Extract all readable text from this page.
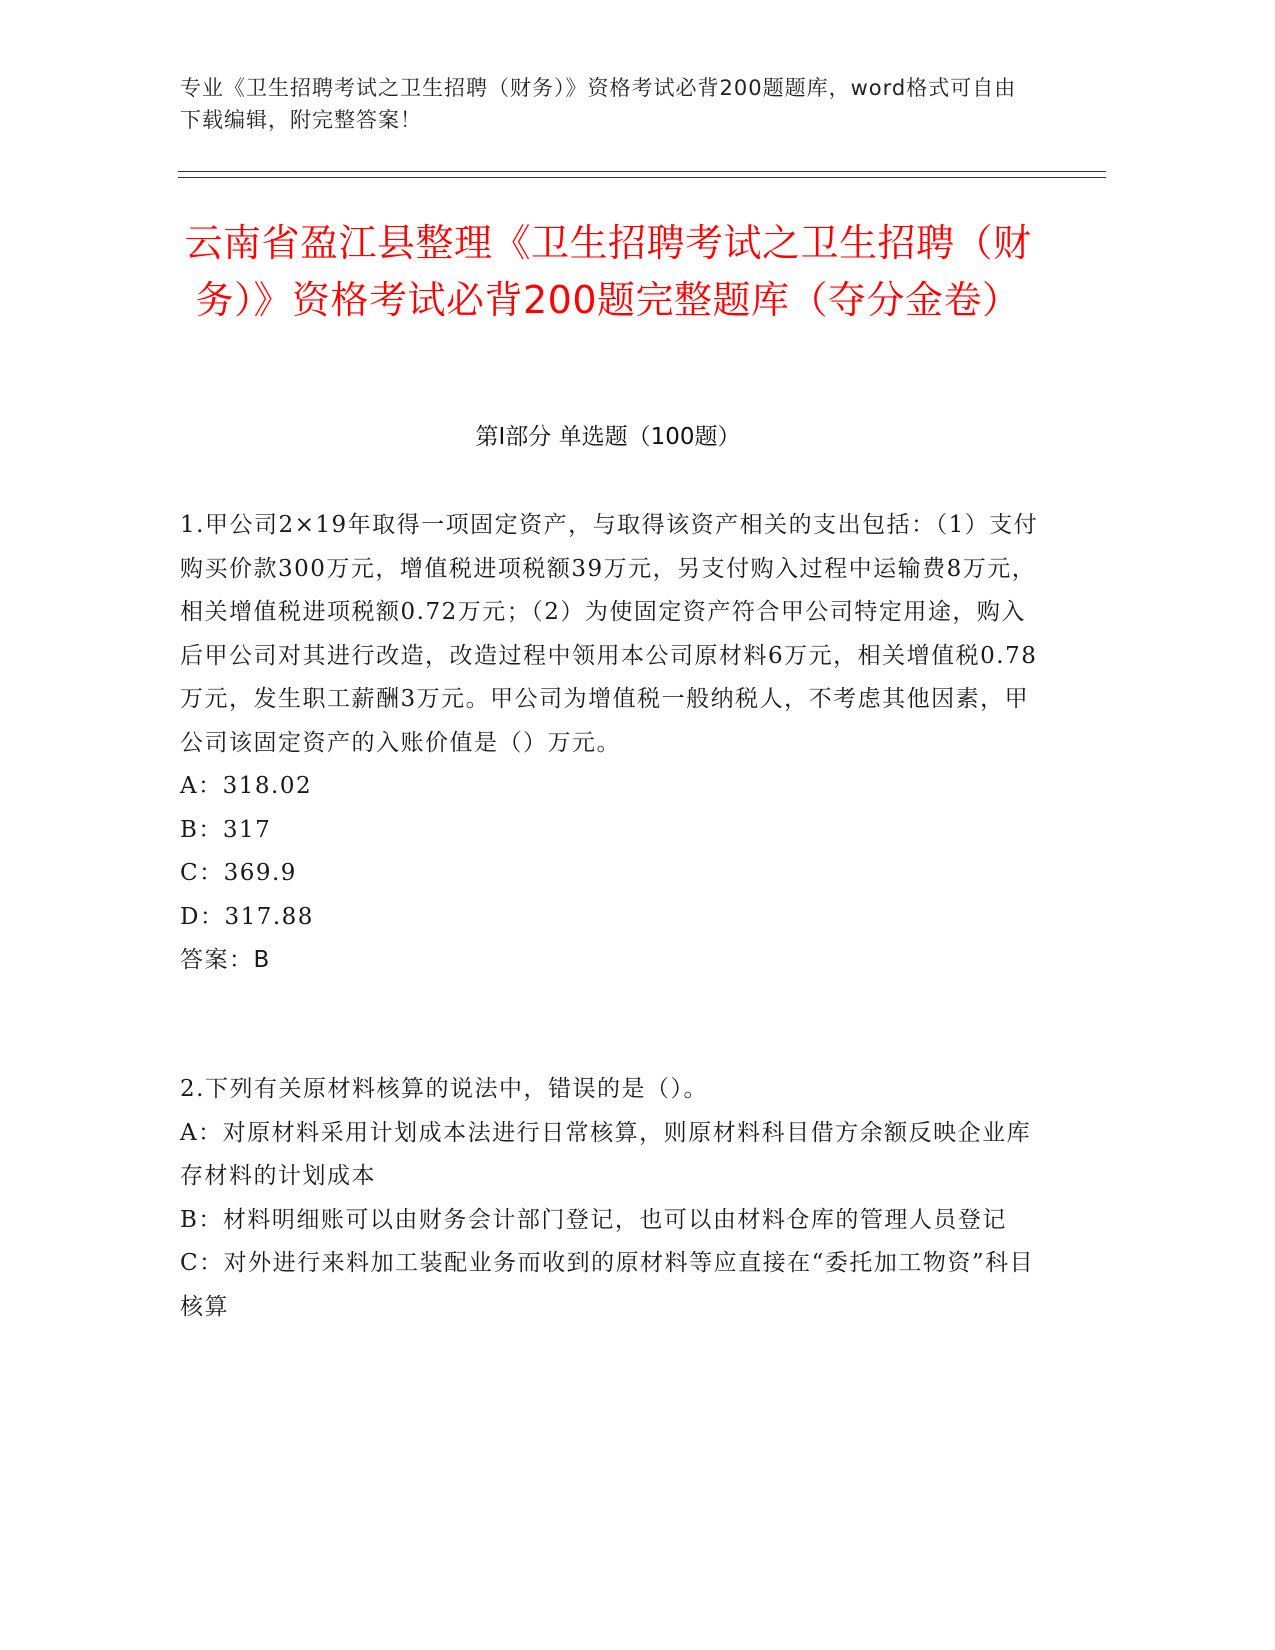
专业《卫生招聘考试之卫生招聘（财务）》资格考试必背200题题库，word格式可自由下载编辑，附完整答案！
云南省盈江县整理《卫生招聘考试之卫生招聘（财务）》资格考试必背200题完整题库（夺分金卷）
第I部分 单选题（100题）

1.甲公司2×19年取得一项固定资产，与取得该资产相关的支出包括：（1）支付购买价款300万元，增值税进项税额39万元，另支付购入过程中运输费8万元，相关增值税进项税额0.72万元；（2）为使固定资产符合甲公司特定用途，购入后甲公司对其进行改造，改造过程中领用本公司原材料6万元，相关增值税0.78万元，发生职工薪酬3万元。甲公司为增值税一般纳税人，不考虑其他因素，甲公司该固定资产的入账价值是（）万元。

A：318.02

B：317

C：369.9

D：317.88

答案：B

2.下列有关原材料核算的说法中，错误的是（）。

A：对原材料采用计划成本法进行日常核算，则原材料科目借方余额反映企业库存材料的计划成本

B：材料明细账可以由财务会计部门登记，也可以由材料仓库的管理人员登记

C：对外进行来料加工装配业务而收到的原材料等应直接在“委托加工物资”科目核算
